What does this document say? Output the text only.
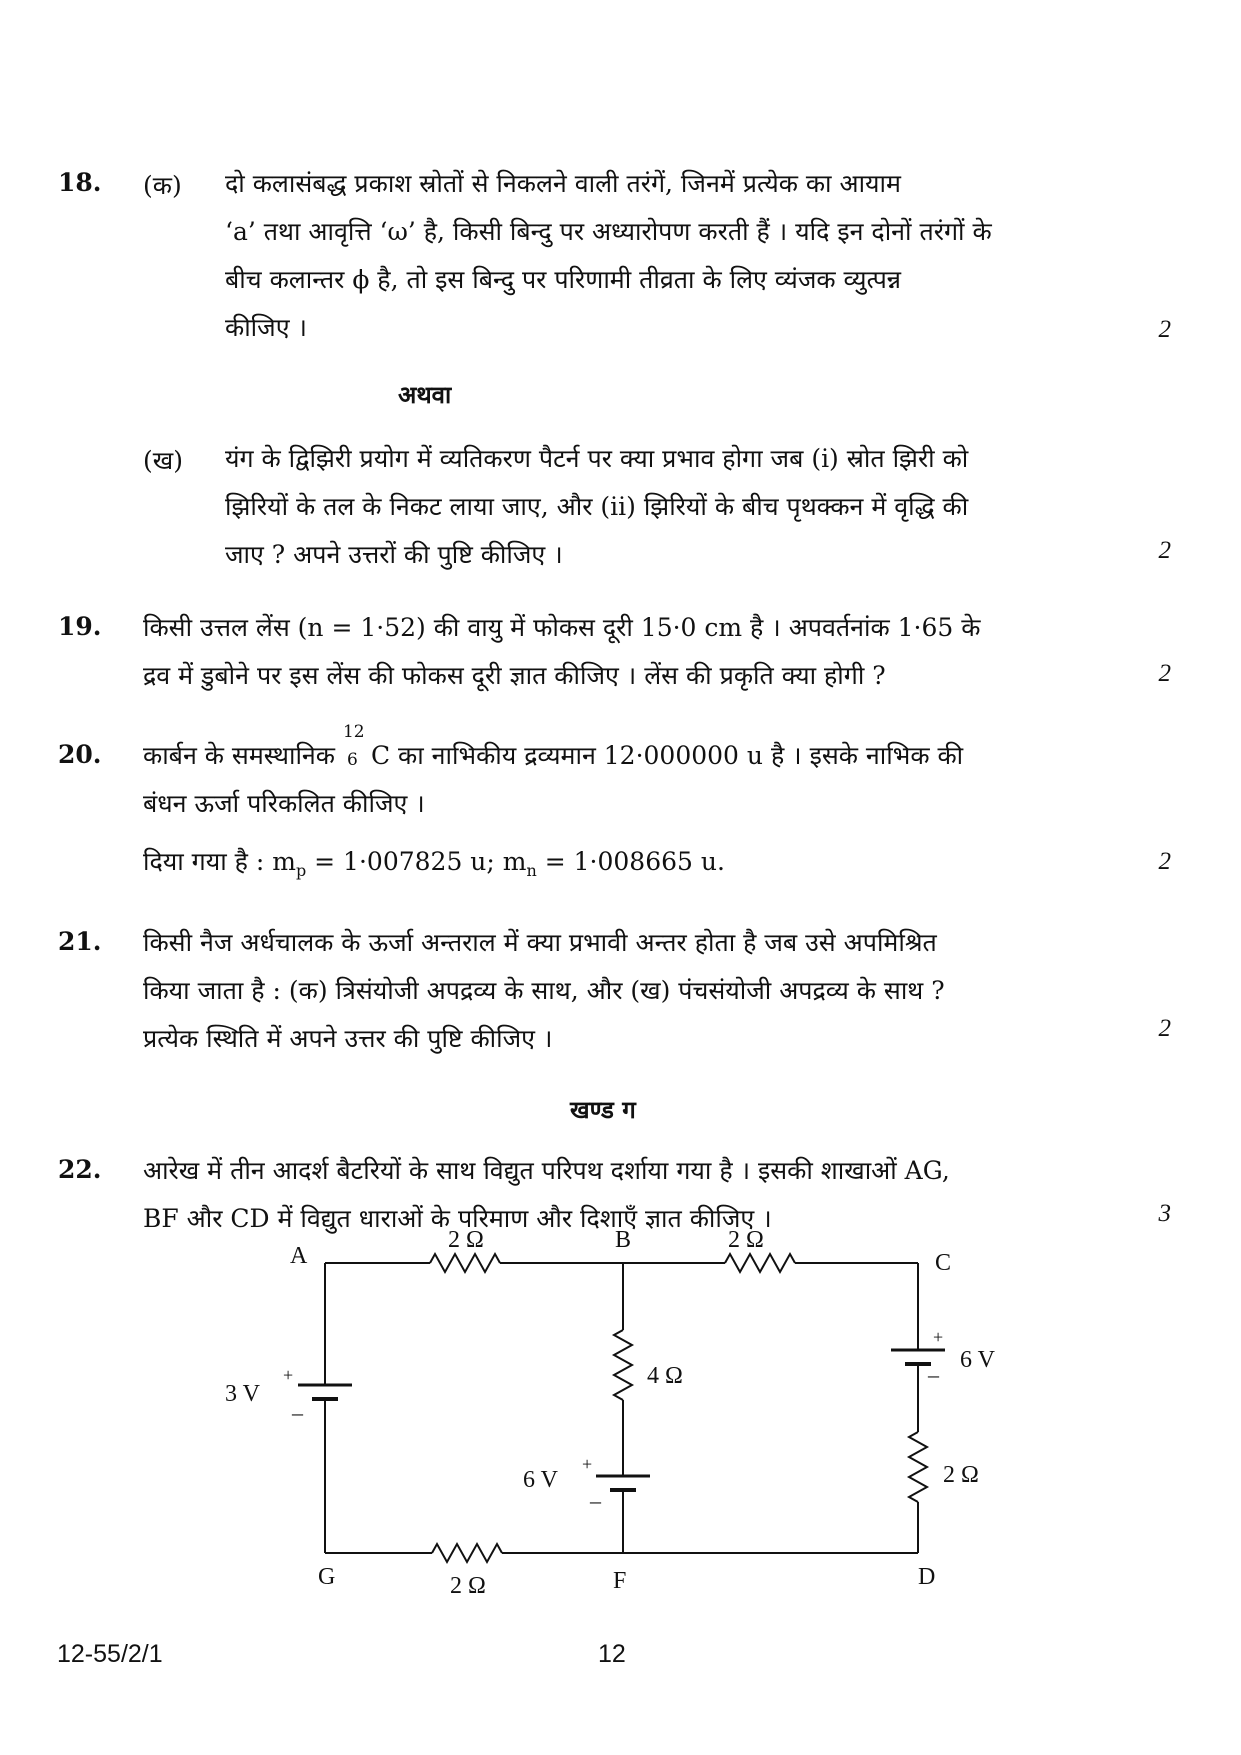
18. (क) दो कलासंबद्ध प्रकाश स्रोतों से निकलने वाली तरंगें, जिनमें प्रत्येक का आयाम

‘a’ तथा आवृत्ति ‘ω’ है, किसी बिन्दु पर अध्यारोपण करती हैं । यदि इन दोनों तरंगों के

बीच कलान्तर ϕ है, तो इस बिन्दु पर परिणामी तीव्रता के लिए व्यंजक व्युत्पन्न

कीजिए ।	2
अथवा
(ख) यंग के द्विझिरी प्रयोग में व्यतिकरण पैटर्न पर क्या प्रभाव होगा जब (i) स्रोत झिरी को

झिरियों के तल के निकट लाया जाए, और (ii) झिरियों के बीच पृथक्कन में वृद्धि की

जाए ? अपने उत्तरों की पुष्टि कीजिए ।	2
19. किसी उत्तल लेंस (n = 1·52) की वायु में फोकस दूरी 15·0 cm है । अपवर्तनांक 1·65 के

द्रव में डुबोने पर इस लेंस की फोकस दूरी ज्ञात कीजिए । लेंस की प्रकृति क्या होगी ?	2
20. कार्बन के समस्थानिक
12
6 C का नाभिकीय द्रव्यमान 12·000000 u है । इसके नाभिक की

बंधन ऊर्जा परिकलित कीजिए ।

दिया गया है : $m_p = 1\cdot 007825$ u; $m_n = 1\cdot 008665$ u.	2
21. किसी नैज अर्धचालक के ऊर्जा अन्तराल में क्या प्रभावी अन्तर होता है जब उसे अपमिश्रित

किया जाता है : (क) त्रिसंयोजी अपद्रव्य के साथ, और (ख) पंचसंयोजी अपद्रव्य के साथ ?

प्रत्येक स्थिति में अपने उत्तर की पुष्टि कीजिए ।	2
खण्ड ग
22. आरेख में तीन आदर्श बैटरियों के साथ विद्युत परिपथ दर्शाया गया है । इसकी शाखाओं AG,

BF और CD में विद्युत धाराओं के परिमाण और दिशाएँ ज्ञात कीजिए ।	3
A
B
C
D
F
G
2 Ω	2 Ω
4 Ω
2 Ω
2 Ω
3 V
6 V
6 V
+
–
+
–
+
–
12-55/2/1	12
